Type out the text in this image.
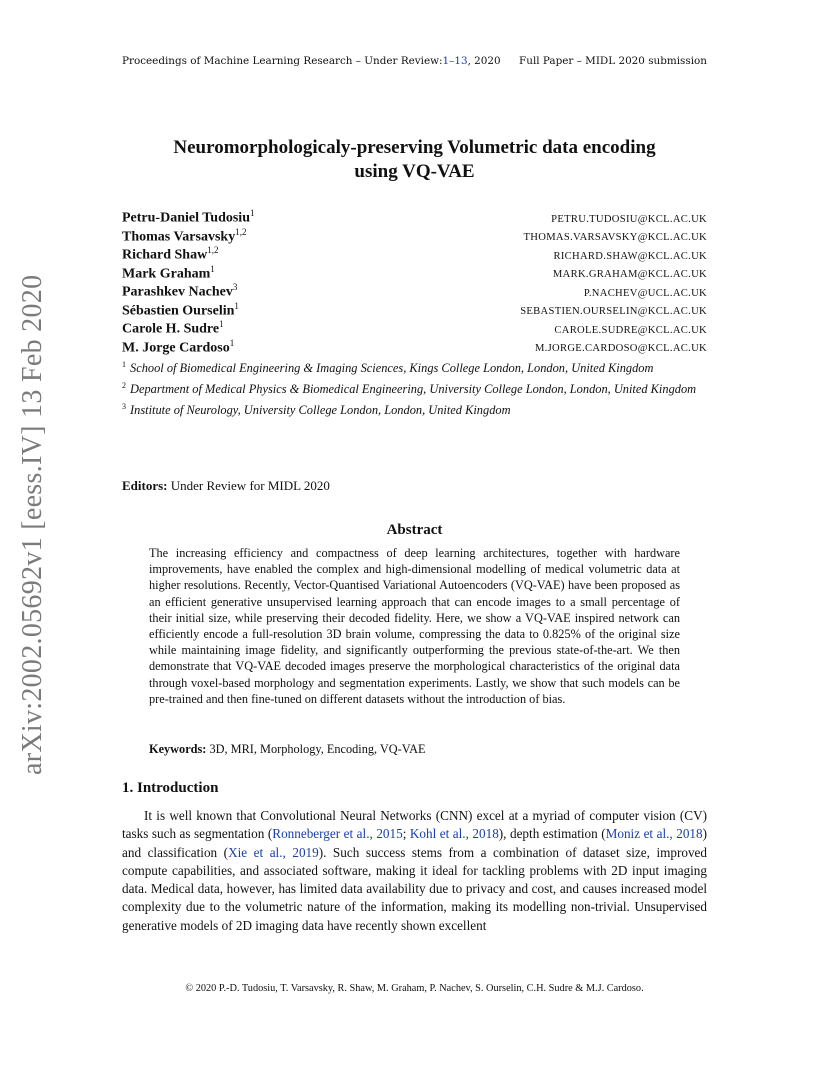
Proceedings of Machine Learning Research – Under Review:1–13, 2020 Full Paper – MIDL 2020 submission
arXiv:2002.05692v1 [eess.IV] 13 Feb 2020
Neuromorphologicaly-preserving Volumetric data encoding
using VQ-VAE
Petru-Daniel Tudosiu$^1$
PETRU.TUDOSIU@KCL.AC.UK
Thomas Varsavsky$^{1,2}$
THOMAS.VARSAVSKY@KCL.AC.UK
Richard Shaw$^{1,2}$
RICHARD.SHAW@KCL.AC.UK
Mark Graham$^1$
MARK.GRAHAM@KCL.AC.UK
Parashkev Nachev$^3$
P.NACHEV@UCL.AC.UK
Sébastien Ourselin$^1$
SEBASTIEN.OURSELIN@KCL.AC.UK
Carole H. Sudre$^1$
CAROLE.SUDRE@KCL.AC.UK
M. Jorge Cardoso$^1$
M.JORGE.CARDOSO@KCL.AC.UK

$^1$ School of Biomedical Engineering & Imaging Sciences, Kings College London, London, United Kingdom

$^2$ Department of Medical Physics & Biomedical Engineering, University College London, London, United Kingdom

$^3$ Institute of Neurology, University College London, London, United Kingdom

Editors: Under Review for MIDL 2020
Abstract
The increasing efficiency and compactness of deep learning architectures, together with hardware improvements, have enabled the complex and high-dimensional modelling of medical volumetric data at higher resolutions. Recently, Vector-Quantised Variational Autoencoders (VQ-VAE) have been proposed as an efficient generative unsupervised learning approach that can encode images to a small percentage of their initial size, while preserving their decoded fidelity. Here, we show a VQ-VAE inspired network can efficiently encode a full-resolution 3D brain volume, compressing the data to 0.825% of the original size while maintaining image fidelity, and significantly outperforming the previous state-of-the-art. We then demonstrate that VQ-VAE decoded images preserve the morphological characteristics of the original data through voxel-based morphology and segmentation experiments. Lastly, we show that such models can be pre-trained and then fine-tuned on different datasets without the introduction of bias.
Keywords: 3D, MRI, Morphology, Encoding, VQ-VAE
1. Introduction
It is well known that Convolutional Neural Networks (CNN) excel at a myriad of computer vision (CV) tasks such as segmentation (Ronneberger et al., 2015; Kohl et al., 2018), depth estimation (Moniz et al., 2018) and classification (Xie et al., 2019). Such success stems from a combination of dataset size, improved compute capabilities, and associated software, making it ideal for tackling problems with 2D input imaging data. Medical data, however, has limited data availability due to privacy and cost, and causes increased model complexity due to the volumetric nature of the information, making its modelling non-trivial. Unsupervised generative models of 2D imaging data have recently shown excellent
© 2020 P.-D. Tudosiu, T. Varsavsky, R. Shaw, M. Graham, P. Nachev, S. Ourselin, C.H. Sudre & M.J. Cardoso.
